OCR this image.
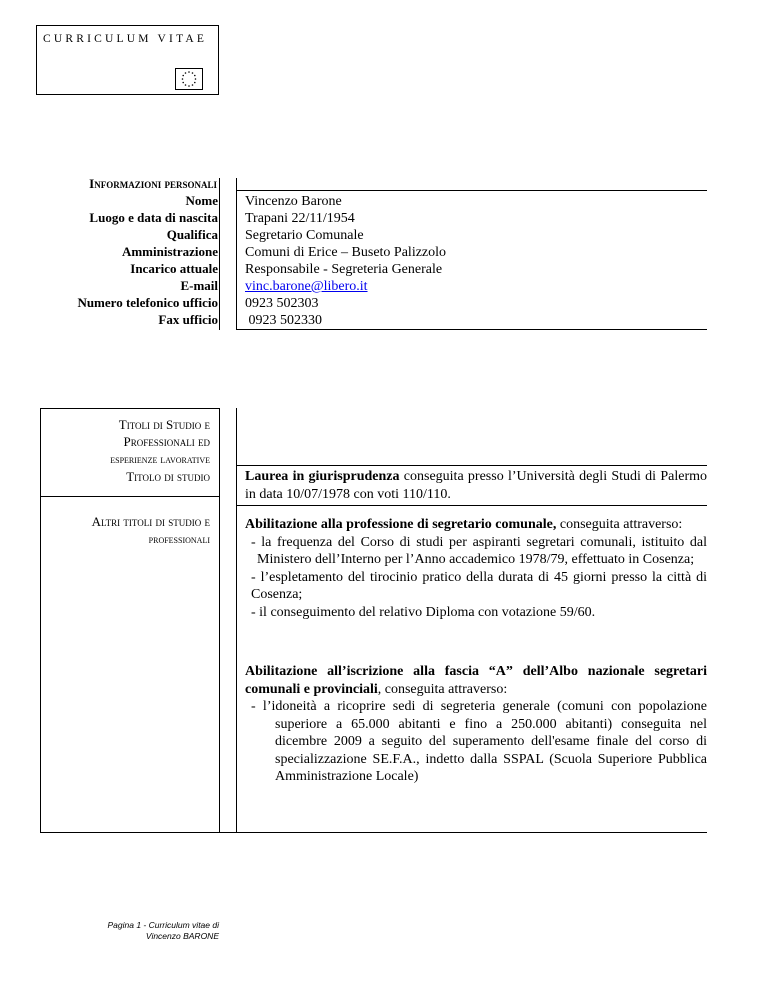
CURRICULUM VITAE
Informazioni personali
Nome
Luogo e data di nascita
Qualifica
Amministrazione
Incarico attuale
E-mail
Numero telefonico ufficio
Fax ufficio
Vincenzo Barone
Trapani 22/11/1954
Segretario Comunale
Comuni di Erice – Buseto Palizzolo
Responsabile - Segreteria Generale
vinc.barone@libero.it
0923 502303
0923 502330
Titoli di Studio e
Professionali ed
esperienze lavorative
Titolo di studio
Altri titoli di studio e
professionali
Laurea in giurisprudenza conseguita presso l’Università degli Studi di Palermo in data 10/07/1978 con voti 110/110.
Abilitazione alla professione di segretario comunale, conseguita attraverso:
- la frequenza del Corso di studi per aspiranti segretari comunali, istituito dal Ministero dell’Interno per l’Anno accademico 1978/79, effettuato in Cosenza;
- l’espletamento del tirocinio pratico della durata di 45 giorni presso la città di Cosenza;
- il conseguimento del relativo Diploma con votazione 59/60.
Abilitazione all’iscrizione alla fascia “A” dell’Albo nazionale segretari comunali e provinciali, conseguita attraverso:
- l’idoneità a ricoprire sedi di segreteria generale (comuni con popolazione superiore a 65.000 abitanti e fino a 250.000 abitanti) conseguita nel dicembre 2009 a seguito del superamento dell'esame finale del corso di specializzazione SE.F.A., indetto dalla SSPAL (Scuola Superiore Pubblica Amministrazione Locale)
Pagina 1 - Curriculum vitae di
Vincenzo BARONE
